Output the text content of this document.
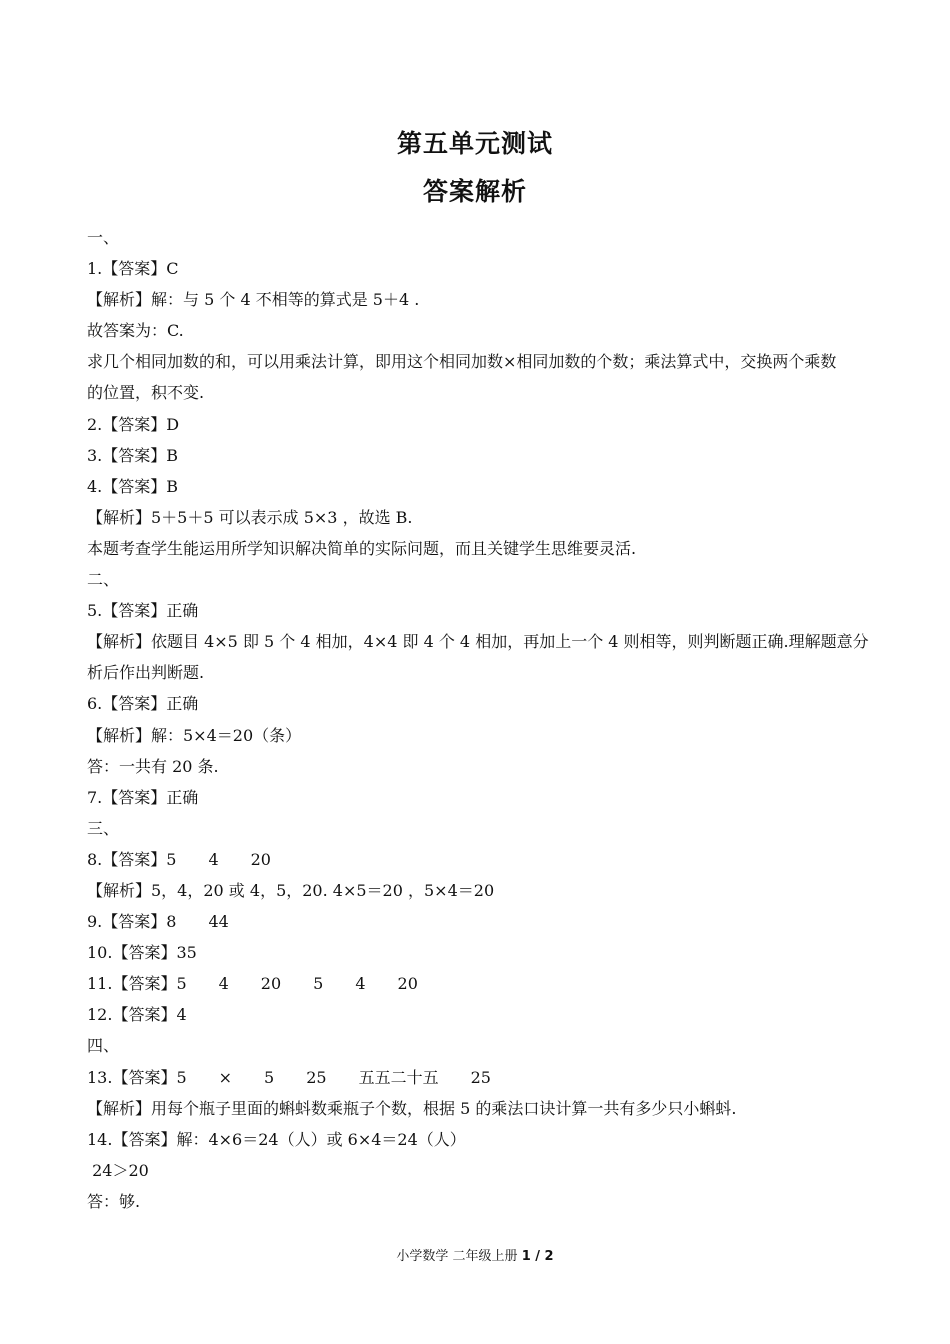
第五单元测试
答案解析
一、
1.【答案】C
【解析】解：与 5 个 4 不相等的算式是 5＋4 .
故答案为：C.
求几个相同加数的和，可以用乘法计算，即用这个相同加数×相同加数的个数；乘法算式中，交换两个乘数
的位置，积不变.
2.【答案】D
3.【答案】B
4.【答案】B
【解析】5＋5＋5 可以表示成 5×3 ，故选 B.
本题考查学生能运用所学知识解决简单的实际问题，而且关键学生思维要灵活.
二、
5.【答案】正确
【解析】依题目 4×5 即 5 个 4 相加，4×4 即 4 个 4 相加，再加上一个 4 则相等，则判断题正确.理解题意分
析后作出判断题.
6.【答案】正确
【解析】解：5×4＝20（条）
答：一共有 20 条.
7.【答案】正确
三、
8.【答案】5　　4　　20
【解析】5，4，20 或 4，5，20. 4×5＝20 ，5×4＝20
9.【答案】8　　44
10.【答案】35
11.【答案】5　　4　　20　　5　　4　　20
12.【答案】4
四、
13.【答案】5　　×　　5　　25　　五五二十五　　25
【解析】用每个瓶子里面的蝌蚪数乘瓶子个数，根据 5 的乘法口诀计算一共有多少只小蝌蚪.
14.【答案】解：4×6＝24（人）或 6×4＝24（人）
24＞20
答：够.
小学数学 二年级上册 1 / 2
